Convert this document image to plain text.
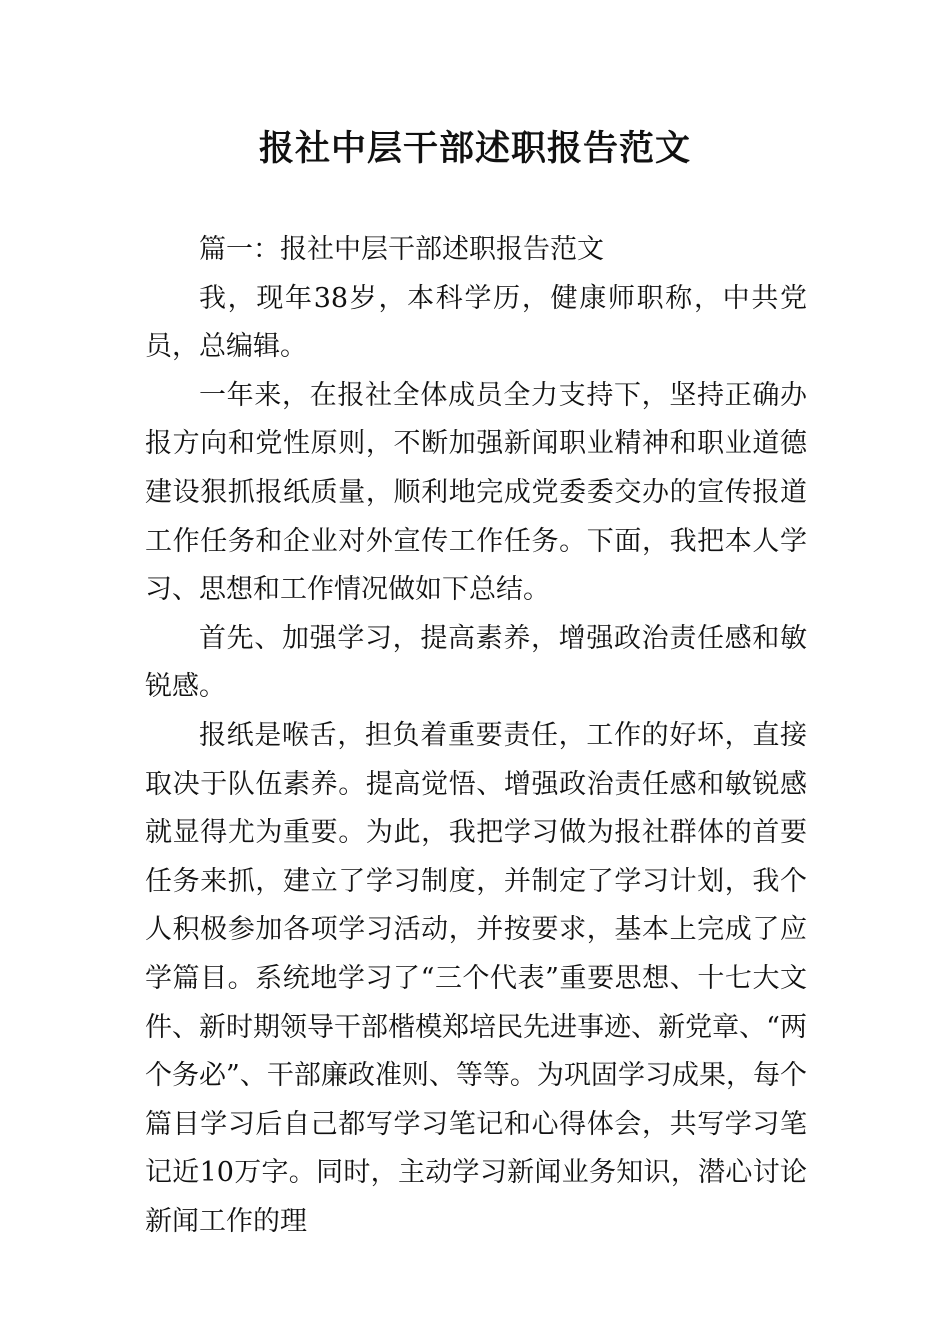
报社中层干部述职报告范文

篇一：报社中层干部述职报告范文

我，现年38岁，本科学历，健康师职称，中共党员，总编辑。

一年来，在报社全体成员全力支持下，坚持正确办报方向和党性原则，不断加强新闻职业精神和职业道德建设狠抓报纸质量，顺利地完成党委委交办的宣传报道工作任务和企业对外宣传工作任务。下面，我把本人学习、思想和工作情况做如下总结。

首先、加强学习，提高素养，增强政治责任感和敏锐感。

报纸是喉舌，担负着重要责任，工作的好坏，直接取决于队伍素养。提高觉悟、增强政治责任感和敏锐感就显得尤为重要。为此，我把学习做为报社群体的首要任务来抓，建立了学习制度，并制定了学习计划，我个人积极参加各项学习活动，并按要求，基本上完成了应学篇目。系统地学习了“三个代表”重要思想、十七大文件、新时期领导干部楷模郑培民先进事迹、新党章、“两个务必”、干部廉政准则、等等。为巩固学习成果，每个篇目学习后自己都写学习笔记和心得体会，共写学习笔记近10万字。同时，主动学习新闻业务知识，潜心讨论新闻工作的理
